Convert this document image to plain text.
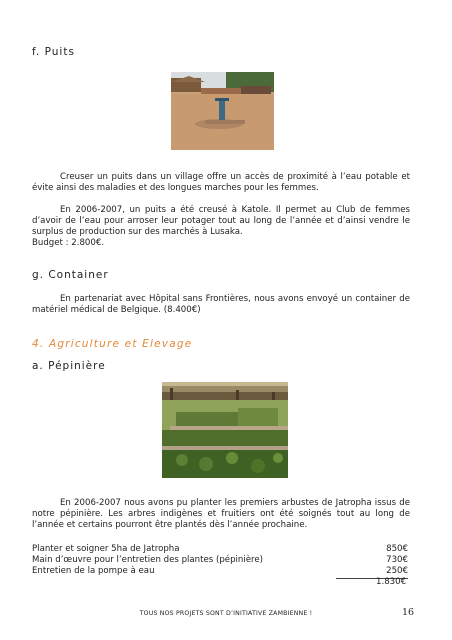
f. Puits
Creuser un puits dans un village offre un accès de proximité à l’eau potable et évite ainsi des maladies et des longues marches pour les femmes.
En 2006-2007, un puits a été creusé à Katole. Il permet au Club de femmes d’avoir de l’eau pour arroser leur potager tout au long de l’année et d’ainsi vendre le surplus de production sur des marchés à Lusaka.
Budget : 2.800€.
g. Container
En partenariat avec Hôpital sans Frontières, nous avons envoyé un container de matériel médical de Belgique. (8.400€)
4. Agriculture et Elevage
a. Pépinière
En 2006-2007 nous avons pu planter les premiers arbustes de Jatropha issus de notre pépinière. Les arbres indigènes et fruitiers ont été soignés tout au long de l’année et certains pourront être plantés dès l’année prochaine.
Planter et soigner 5ha de Jatropha	850€
Main d’œuvre pour l’entretien des plantes (pépinière)	730€
Entretien de la pompe à eau	250€
1.830€
TOUS NOS PROJETS SONT D’INITIATIVE ZAMBIENNE !	16
